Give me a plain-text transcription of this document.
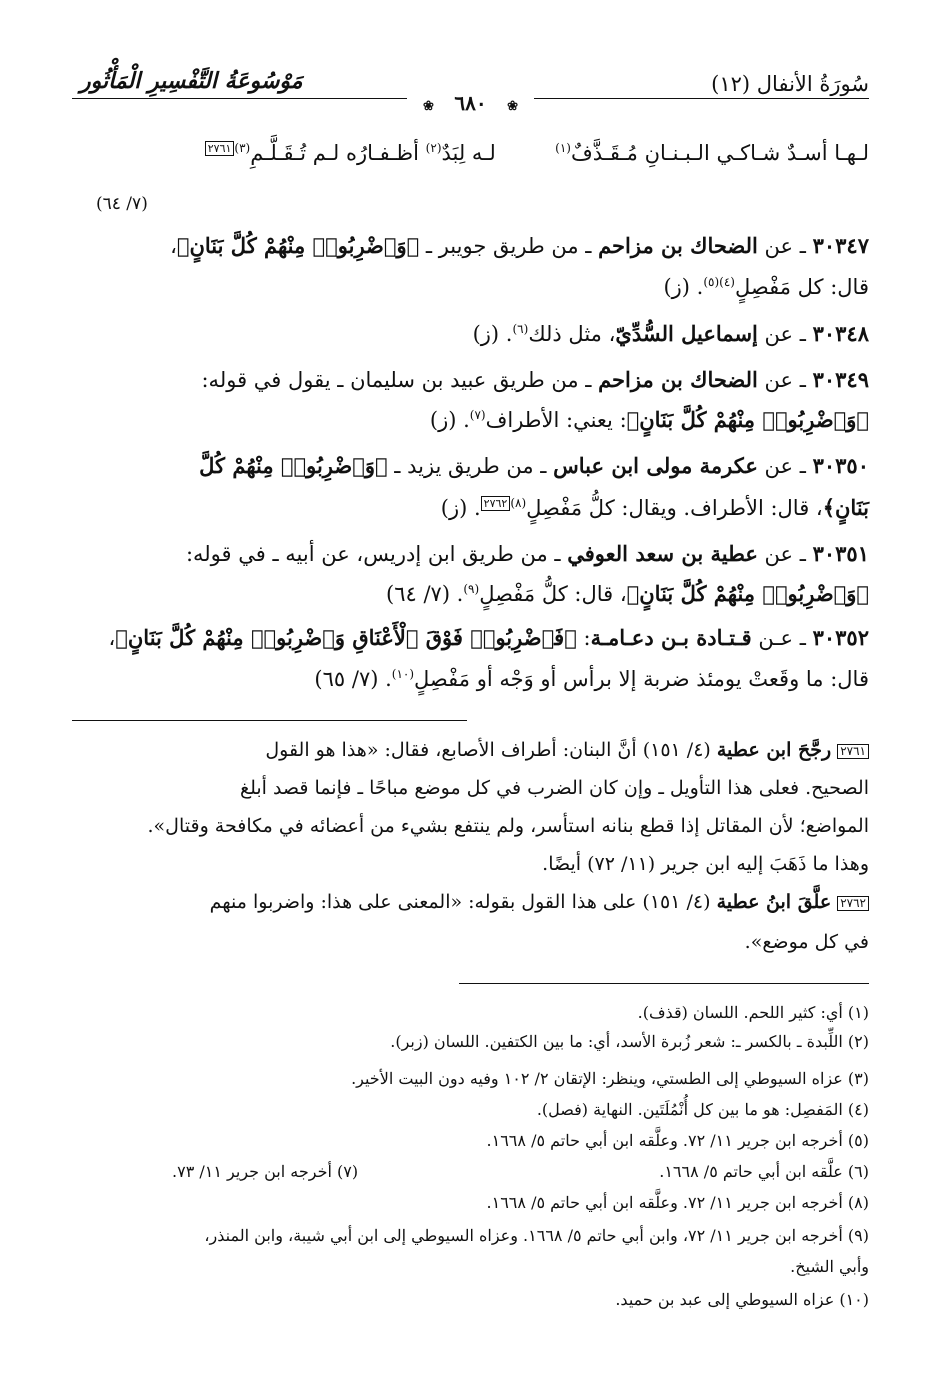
سُورَةُ الأنفال (١٢)
مَوْسُوعَةُ التَّفْسِيرِ الْمَأْثُور
❀ ٦٨٠ ❀
لـهـا أسـدٌ شـاكـي الـبـنـانِ مُـقَـذَّفٌ$^{(١)}$  لـه لِبَدٌ$^{(٢)}$ أظـفـارُه لـم تُـقَـلَّـمِ$^{(٣)}$٢٧٦١
(٧/ ٦٤)
٣٠٣٤٧ ـ عن الضحاك بن مزاحم ـ من طريق جويبر ـ ﴿وَٱضْرِبُوا۟ مِنْهُمْ كُلَّ بَنَانٍ﴾،
قال: كل مَفْصِلٍ$^{(٤)(٥)}$. (ز)
٣٠٣٤٨ ـ عن إسماعيل السُّدِّيّ، مثل ذلك$^{(٦)}$. (ز)
٣٠٣٤٩ ـ عن الضحاك بن مزاحم ـ من طريق عبيد بن سليمان ـ يقول في قوله:
﴿وَٱضْرِبُوا۟ مِنْهُمْ كُلَّ بَنَانٍ﴾: يعني: الأطراف$^{(٧)}$. (ز)
٣٠٣٥٠ ـ عن عكرمة مولى ابن عباس ـ من طريق يزيد ـ ﴿وَٱضْرِبُوا۟ مِنْهُمْ كُلَّ
بَنَانٍ﴾، قال: الأطراف. ويقال: كلُّ مَفْصِلٍ$^{(٨)}$٢٧٦٢. (ز)
٣٠٣٥١ ـ عن عطية بن سعد العوفي ـ من طريق ابن إدريس، عن أبيه ـ في قوله:
﴿وَٱضْرِبُوا۟ مِنْهُمْ كُلَّ بَنَانٍ﴾، قال: كلُّ مَفْصِلٍ$^{(٩)}$. (٧/ ٦٤)
٣٠٣٥٢ ـ عـن قـتـادة بـن دعـامـة: ﴿فَٱضْرِبُوا۟ فَوْقَ ٱلْأَعْنَاقِ وَٱضْرِبُوا۟ مِنْهُمْ كُلَّ بَنَانٍ﴾،
قال: ما وقَعتْ يومئذ ضربة إلا برأس أو وَجْه أو مَفْصِلٍ$^{(١٠)}$. (٧/ ٦٥)
٢٧٦١ رجَّحَ ابن عطية (٤/ ١٥١) أنَّ البنان: أطراف الأصابع، فقال: «هذا هو القول
الصحيح. فعلى هذا التأويل ـ وإن كان الضرب في كل موضع مباحًا ـ فإنما قصد أبلغ
المواضع؛ لأن المقاتل إذا قطع بنانه استأسر، ولم ينتفع بشيء من أعضائه في مكافحة وقتال».
وهذا ما ذَهَبَ إليه ابن جرير (١١/ ٧٢) أيضًا.
٢٧٦٢ علَّقَ ابنُ عطية (٤/ ١٥١) على هذا القول بقوله: «المعنى على هذا: واضربوا منهم
في كل موضع».
(١) أي: كثير اللحم. اللسان (قذف).
(٢) اللِّبدة ـ بالكسر ـ: شعر زُبرة الأسد، أي: ما بين الكتفين. اللسان (زبر).
(٣) عزاه السيوطي إلى الطستي، وينظر: الإتقان ٢/ ١٠٢ وفيه دون البيت الأخير.
(٤) المَفصِل: هو ما بين كل أُنْمُلَتَين. النهاية (فصل).
(٥) أخرجه ابن جرير ١١/ ٧٢. وعلَّقه ابن أبي حاتم ٥/ ١٦٦٨.
(٦) علَّقه ابن أبي حاتم ٥/ ١٦٦٨.
(٧) أخرجه ابن جرير ١١/ ٧٣.
(٨) أخرجه ابن جرير ١١/ ٧٢. وعلَّقه ابن أبي حاتم ٥/ ١٦٦٨.
(٩) أخرجه ابن جرير ١١/ ٧٢، وابن أبي حاتم ٥/ ١٦٦٨. وعزاه السيوطي إلى ابن أبي شيبة، وابن المنذر،
وأبي الشيخ.
(١٠) عزاه السيوطي إلى عبد بن حميد.
